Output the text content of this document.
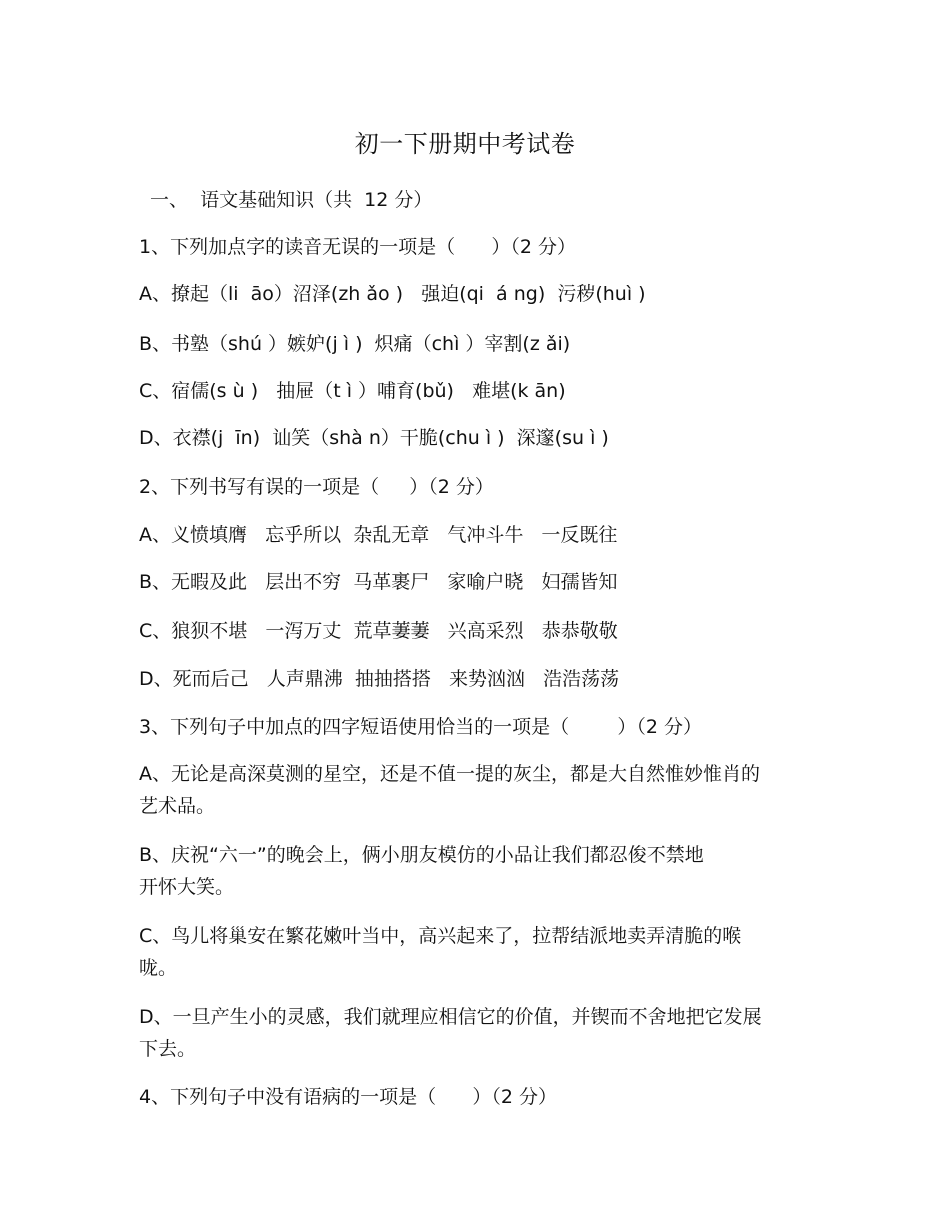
初一下册期中考试卷
一、  语文基础知识（共  12 分）
1、下列加点字的读音无误的一项是（      ）（2 分）
A、撩起（li  āo）沼泽(zh ǎo )   强迫(qi  á ng)  污秽(huì )
B、书塾（shú ）嫉妒(j ì )  炽痛（chì ）宰割(z ǎi)
C、宿儒(s ù )   抽屉（t ì ）哺育(bǔ)   难堪(k ān)
D、衣襟(j  īn)  讪笑（shà n）干脆(chu ì )  深邃(su ì )
2、下列书写有误的一项是（     ）（2 分）
A、义愤填膺   忘乎所以  杂乱无章   气冲斗牛   一反既往
B、无暇及此   层出不穷  马革裹尸   家喻户晓   妇孺皆知
C、狼狈不堪   一泻万丈  荒草萋萋   兴高采烈   恭恭敬敬
D、死而后己   人声鼎沸  抽抽搭搭   来势汹汹   浩浩荡荡
3、下列句子中加点的四字短语使用恰当的一项是（        ）（2 分）
A、无论是高深莫测的星空，还是不值一提的灰尘，都是大自然惟妙惟肖的艺术品。
B、庆祝“六一”的晚会上，俩小朋友模仿的小品让我们都忍俊不禁地
开怀大笑。
C、鸟儿将巢安在繁花嫩叶当中，高兴起来了，拉帮结派地卖弄清脆的喉咙。
D、一旦产生小的灵感，我们就理应相信它的价值，并锲而不舍地把它发展下去。
4、下列句子中没有语病的一项是（      ）（2 分）
